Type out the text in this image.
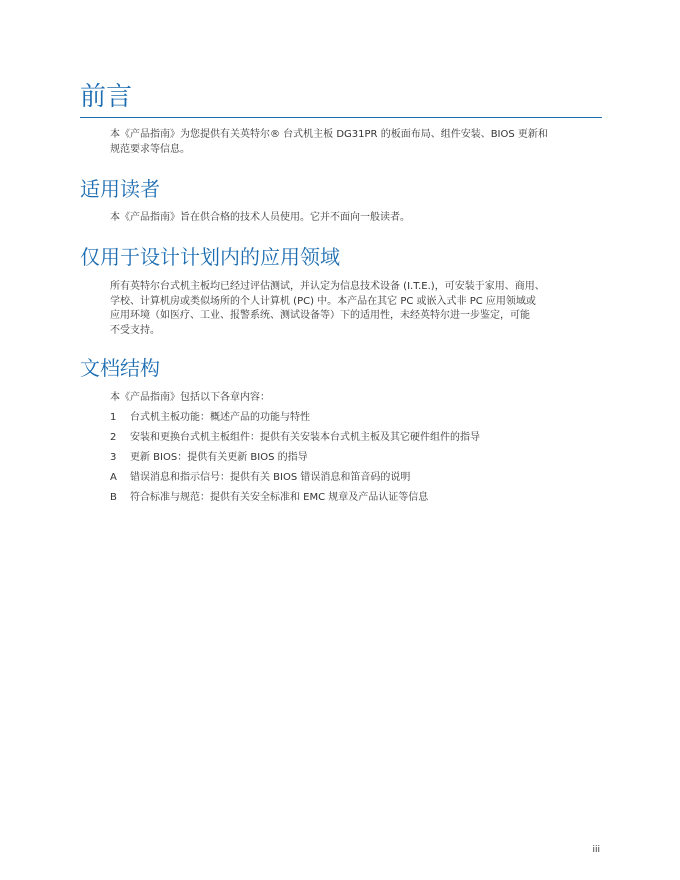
前言

本《产品指南》为您提供有关英特尔® 台式机主板 DG31PR 的板面布局、组件安装、BIOS 更新和
规范要求等信息。

适用读者

本《产品指南》旨在供合格的技术人员使用。它并不面向一般读者。

仅用于设计计划内的应用领域

所有英特尔台式机主板均已经过评估测试，并认定为信息技术设备 (I.T.E.)，可安装于家用、商用、
学校、计算机房或类似场所的个人计算机 (PC) 中。本产品在其它 PC 或嵌入式非 PC 应用领域或
应用环境（如医疗、工业、报警系统、测试设备等）下的适用性，未经英特尔进一步鉴定，可能
不受支持。

文档结构

本《产品指南》包括以下各章内容：

1 台式机主板功能：概述产品的功能与特性
2 安装和更换台式机主板组件：提供有关安装本台式机主板及其它硬件组件的指导
3 更新 BIOS：提供有关更新 BIOS 的指导
A 错误消息和指示信号：提供有关 BIOS 错误消息和笛音码的说明
B 符合标准与规范：提供有关安全标准和 EMC 规章及产品认证等信息
iii
